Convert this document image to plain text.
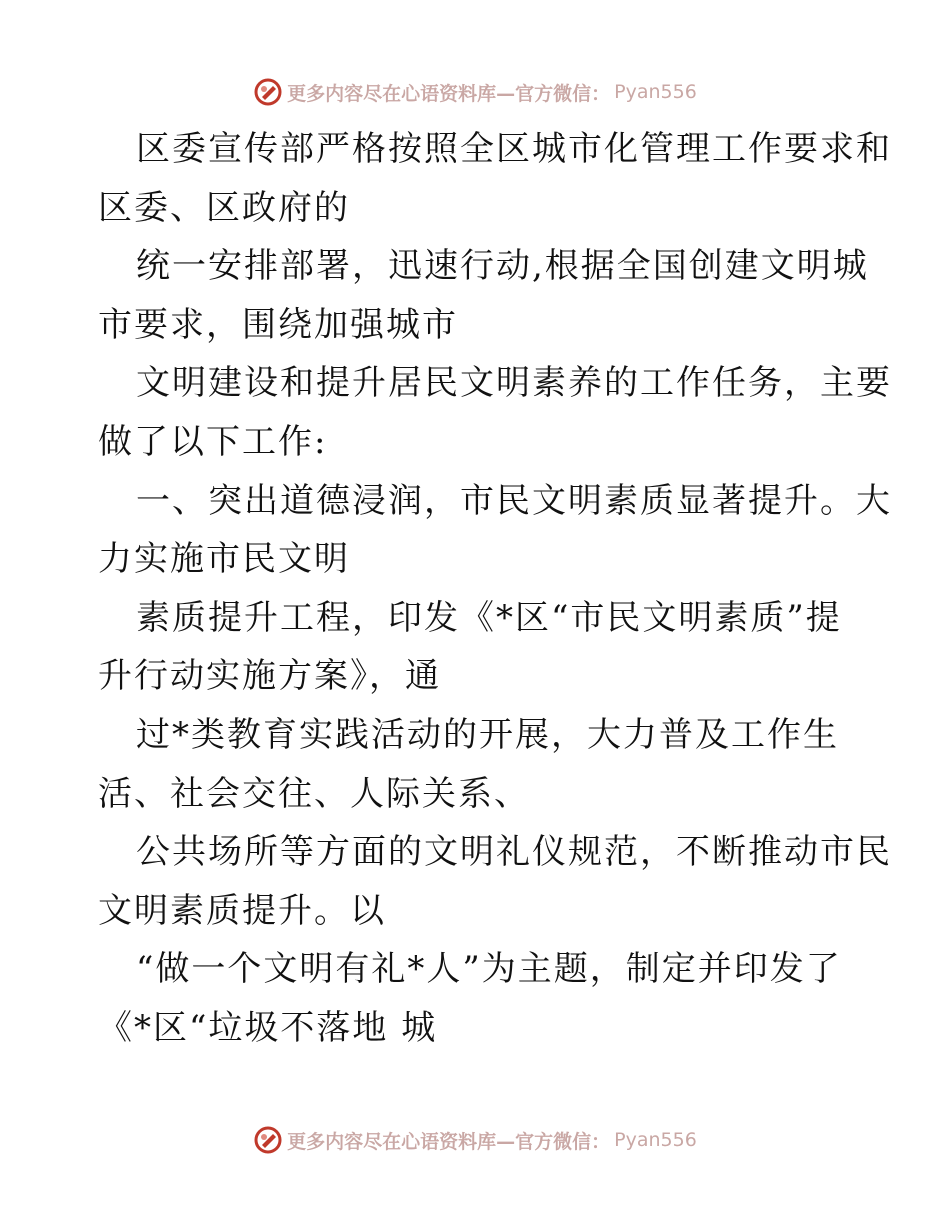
更多内容尽在心语资料库—官方微信： Pyan556
区委宣传部严格按照全区城市化管理工作要求和
区委、区政府的
统一安排部署，迅速行动,根据全国创建文明城
市要求，围绕加强城市
文明建设和提升居民文明素养的工作任务，主要
做了以下工作:
一、突出道德浸润，市民文明素质显著提升。大
力实施市民文明
素质提升工程，印发《*区“市民文明素质”提
升行动实施方案》，通
过*类教育实践活动的开展，大力普及工作生
活、社会交往、人际关系、
公共场所等方面的文明礼仪规范，不断推动市民
文明素质提升。以
“做一个文明有礼*人”为主题，制定并印发了
《*区“垃圾不落地 城
更多内容尽在心语资料库—官方微信： Pyan556
